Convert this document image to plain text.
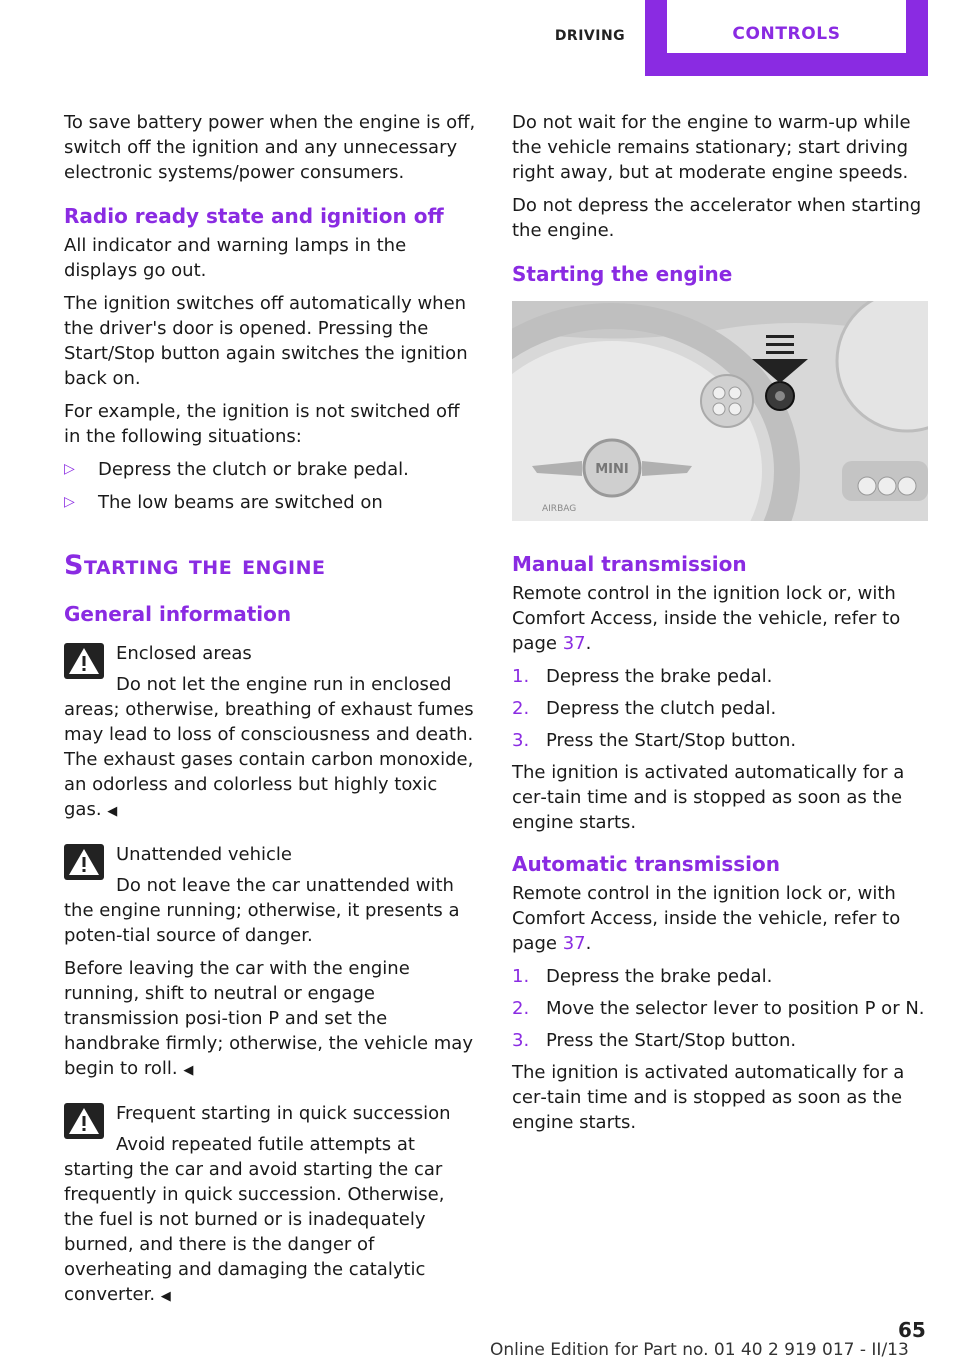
DRIVING	CONTROLS

To save battery power when the engine is off, switch off the ignition and any unnecessary electronic systems/power consumers.

Radio ready state and ignition off

All indicator and warning lamps in the displays go out.

The ignition switches off automatically when the driver's door is opened. Pressing the Start/Stop button again switches the ignition back on.

For example, the ignition is not switched off in the following situations:

▷ Depress the clutch or brake pedal.
▷ The low beams are switched on
Starting the engine
General information

Enclosed areas

Do not let the engine run in enclosed areas; otherwise, breathing of exhaust fumes may lead to loss of consciousness and death. The exhaust gases contain carbon monoxide, an odorless and colorless but highly toxic gas. ◀

Unattended vehicle

Do not leave the car unattended with the engine running; otherwise, it presents a poten‐tial source of danger.

Before leaving the car with the engine running, shift to neutral or engage transmission posi‐tion P and set the handbrake firmly; otherwise, the vehicle may begin to roll. ◀

Frequent starting in quick succession

Avoid repeated futile attempts at starting the car and avoid starting the car frequently in quick succession. Otherwise, the fuel is not burned or is inadequately burned, and there is the danger of overheating and damaging the catalytic converter. ◀

Do not wait for the engine to warm-up while the vehicle remains stationary; start driving right away, but at moderate engine speeds.

Do not depress the accelerator when starting the engine.

Starting the engine
MINI
AIRBAG
Manual transmission

Remote control in the ignition lock or, with Comfort Access, inside the vehicle, refer to page 37.

1. Depress the brake pedal.
2. Depress the clutch pedal.
3. Press the Start/Stop button.

The ignition is activated automatically for a cer‐tain time and is stopped as soon as the engine starts.

Automatic transmission

Remote control in the ignition lock or, with Comfort Access, inside the vehicle, refer to page 37.

1. Depress the brake pedal.
2. Move the selector lever to position P or N.
3. Press the Start/Stop button.

The ignition is activated automatically for a cer‐tain time and is stopped as soon as the engine starts.

65
Online Edition for Part no. 01 40 2 919 017 - II/13
